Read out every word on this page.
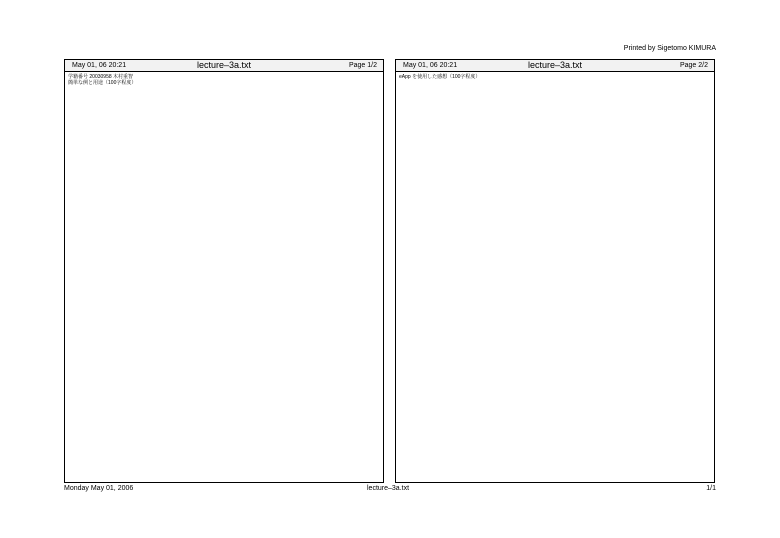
Printed by Sigetomo KIMURA
May 01, 06 20:21	lecture–3a.txt	Page 1/2
学籍番号 20030958 木村重智
簡単な例と用途（100字程度）
May 01, 06 20:21	lecture–3a.txt	Page 2/2
eApp を使用した感想（100字程度）
Monday May 01, 2006	lecture–3a.txt	1/1
